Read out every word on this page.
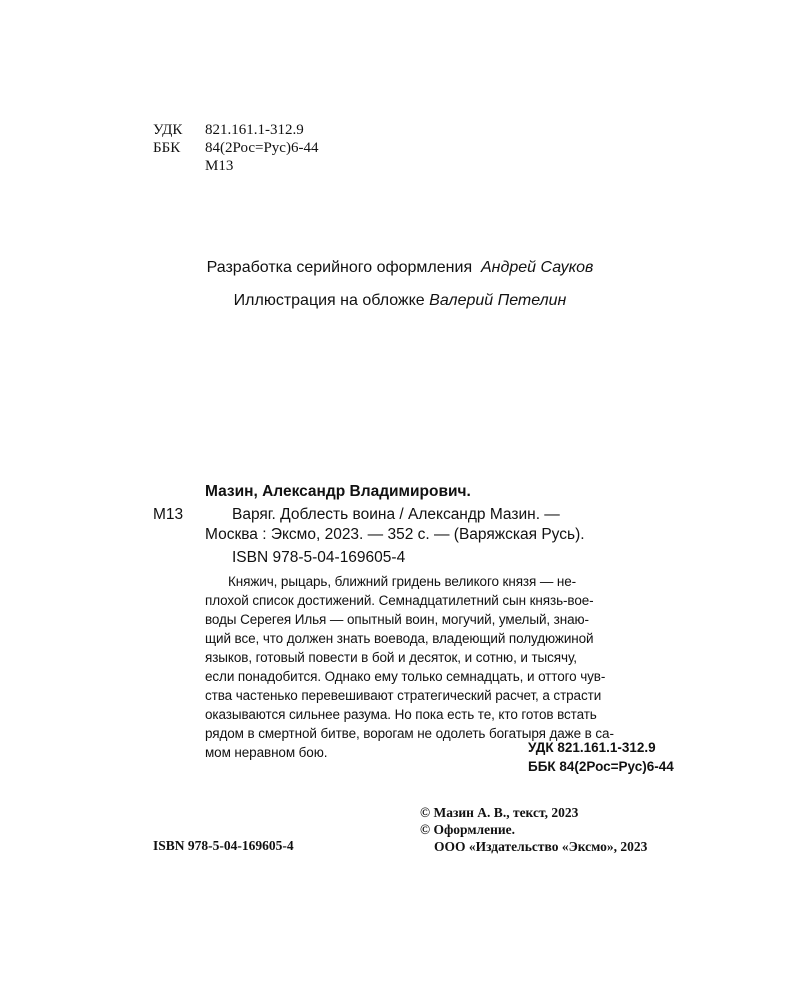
УДК 821.161.1-312.9
ББК 84(2Рос=Рус)6-44
М13
Разработка серийного оформления Андрей Сауков
Иллюстрация на обложке Валерий Петелин
Мазин, Александр Владимирович.
М13	Варяг. Доблесть воина / Александр Мазин. —
Москва : Эксмо, 2023. — 352 с. — (Варяжская Русь).
ISBN 978-5-04-169605-4
Княжич, рыцарь, ближний гридень великого князя — не-
плохой список достижений. Семнадцатилетний сын князь-вое-
воды Серегея Илья — опытный воин, могучий, умелый, знаю-
щий все, что должен знать воевода, владеющий полудюжиной
языков, готовый повести в бой и десяток, и сотню, и тысячу,
если понадобится. Однако ему только семнадцать, и оттого чув-
ства частенько перевешивают стратегический расчет, а страсти
оказываются сильнее разума. Но пока есть те, кто готов встать
рядом в смертной битве, ворогам не одолеть богатыря даже в са-
мом неравном бою.	УДК 821.161.1-312.9
ББК 84(2Рос=Рус)6-44
ISBN 978-5-04-169605-4
© Мазин А. В., текст, 2023
© Оформление.
ООО «Издательство «Эксмо», 2023
